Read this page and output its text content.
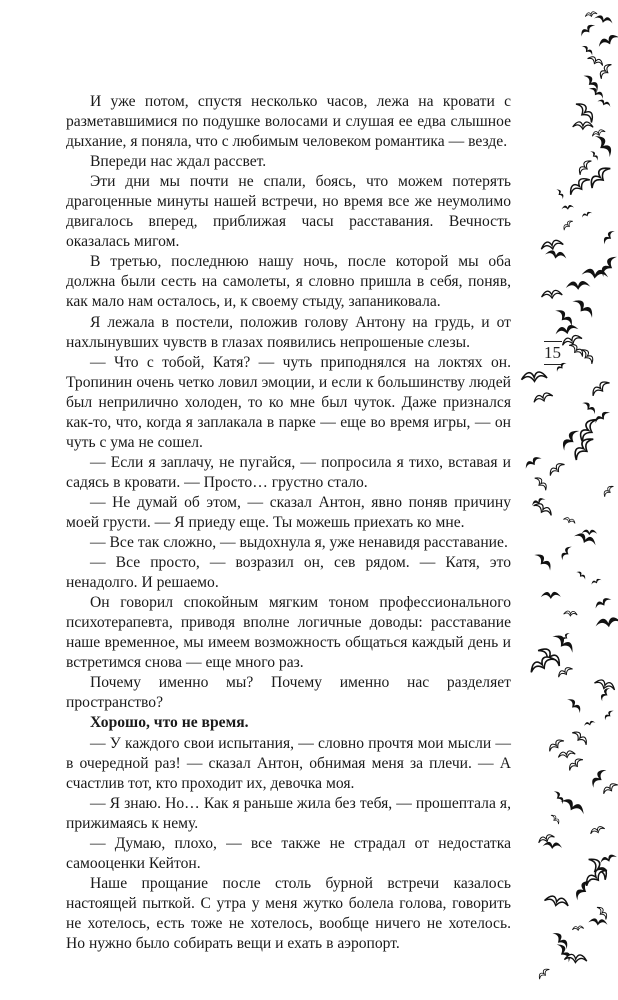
И уже потом, спустя несколько часов, лежа на кровати с разметавшимися по подушке волосами и слушая ее едва слышное дыхание, я поняла, что с любимым человеком романтика — везде.

Впереди нас ждал рассвет.

Эти дни мы почти не спали, боясь, что можем потерять драгоценные минуты нашей встречи, но время все же неумолимо двигалось вперед, приближая часы расставания. Вечность оказалась мигом.

В третью, последнюю нашу ночь, после которой мы оба должна были сесть на самолеты, я словно пришла в себя, поняв, как мало нам осталось, и, к своему стыду, запаниковала.

Я лежала в постели, положив голову Антону на грудь, и от нахлынувших чувств в глазах появились непрошеные слезы.

— Что с тобой, Катя? — чуть приподнялся на локтях он. Тропинин очень четко ловил эмоции, и если к большинству людей был неприлично холоден, то ко мне был чуток. Даже признался как-то, что, когда я заплакала в парке — еще во время игры, — он чуть с ума не сошел.

— Если я заплачу, не пугайся, — попросила я тихо, вставая и садясь в кровати. — Просто… грустно стало.

— Не думай об этом, — сказал Антон, явно поняв причину моей грусти. — Я приеду еще. Ты можешь приехать ко мне.

— Все так сложно, — выдохнула я, уже ненавидя расставание.

— Все просто, — возразил он, сев рядом. — Катя, это ненадолго. И решаемо.

Он говорил спокойным мягким тоном профессионального психотерапевта, приводя вполне логичные доводы: расставание наше временное, мы имеем возможность общаться каждый день и встретимся снова — еще много раз.

Почему именно мы? Почему именно нас разделяет пространство?

Хорошо, что не время.

— У каждого свои испытания, — словно прочтя мои мысли — в очередной раз! — сказал Антон, обнимая меня за плечи. — А счастлив тот, кто проходит их, девочка моя.

— Я знаю. Но… Как я раньше жила без тебя, — прошептала я, прижимаясь к нему.

— Думаю, плохо, — все также не страдал от недостатка самооценки Кейтон.

Наше прощание после столь бурной встречи казалось настоящей пыткой. С утра у меня жутко болела голова, говорить не хотелось, есть тоже не хотелось, вообще ничего не хотелось. Но нужно было собирать вещи и ехать в аэропорт.

15
